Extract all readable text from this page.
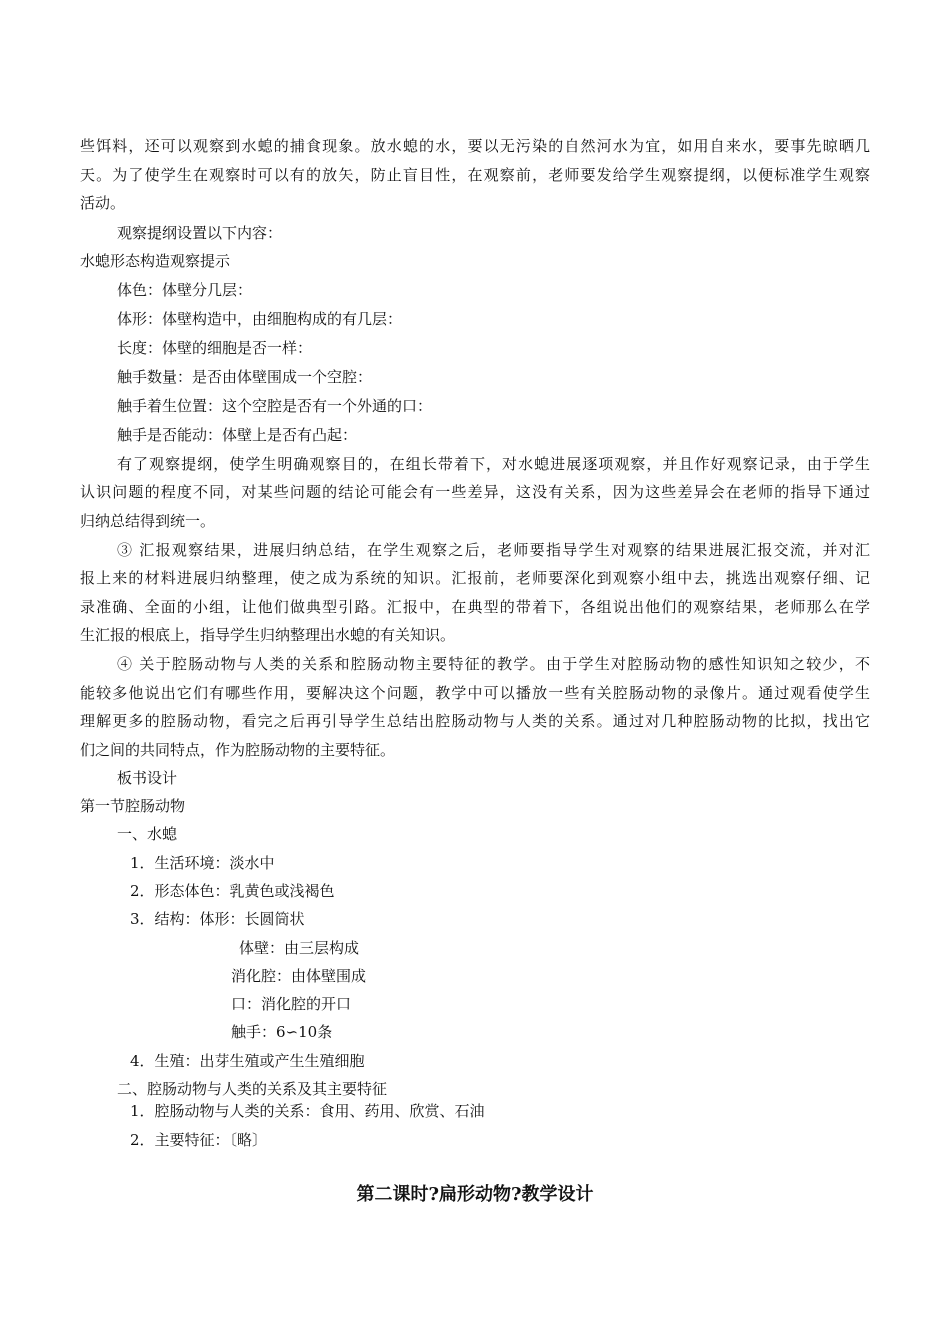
些饵料，还可以观察到水螅的捕食现象。放水螅的水，要以无污染的自然河水为宜，如用自来水，要事先晾晒几
天。为了使学生在观察时可以有的放矢，防止盲目性，在观察前，老师要发给学生观察提纲，以便标准学生观察
活动。
观察提纲设置以下内容：
水螅形态构造观察提示
体色：体壁分几层：
体形：体壁构造中，由细胞构成的有几层：
长度：体壁的细胞是否一样：
触手数量：是否由体壁围成一个空腔：
触手着生位置：这个空腔是否有一个外通的口：
触手是否能动：体壁上是否有凸起：
有了观察提纲，使学生明确观察目的，在组长带着下，对水螅进展逐项观察，并且作好观察记录，由于学生
认识问题的程度不同，对某些问题的结论可能会有一些差异，这没有关系，因为这些差异会在老师的指导下通过
归纳总结得到统一。
③ 汇报观察结果，进展归纳总结，在学生观察之后，老师要指导学生对观察的结果进展汇报交流，并对汇
报上来的材料进展归纳整理，使之成为系统的知识。汇报前，老师要深化到观察小组中去，挑选出观察仔细、记
录准确、全面的小组，让他们做典型引路。汇报中，在典型的带着下，各组说出他们的观察结果，老师那么在学
生汇报的根底上，指导学生归纳整理出水螅的有关知识。
④ 关于腔肠动物与人类的关系和腔肠动物主要特征的教学。由于学生对腔肠动物的感性知识知之较少，不
能较多他说出它们有哪些作用，要解决这个问题，教学中可以播放一些有关腔肠动物的录像片。通过观看使学生
理解更多的腔肠动物，看完之后再引导学生总结出腔肠动物与人类的关系。通过对几种腔肠动物的比拟，找出它
们之间的共同特点，作为腔肠动物的主要特征。
板书设计
第一节腔肠动物
一、水螅
1．生活环境：淡水中
2．形态体色：乳黄色或浅褐色
3．结构：体形：长圆筒状
体壁：由三层构成
消化腔：由体壁围成
口：消化腔的开口
触手：6∽10条
4．生殖：出芽生殖或产生生殖细胞
二、腔肠动物与人类的关系及其主要特征
1．腔肠动物与人类的关系：食用、药用、欣赏、石油
2．主要特征：〔略〕
第二课时?扁形动物?教学设计
